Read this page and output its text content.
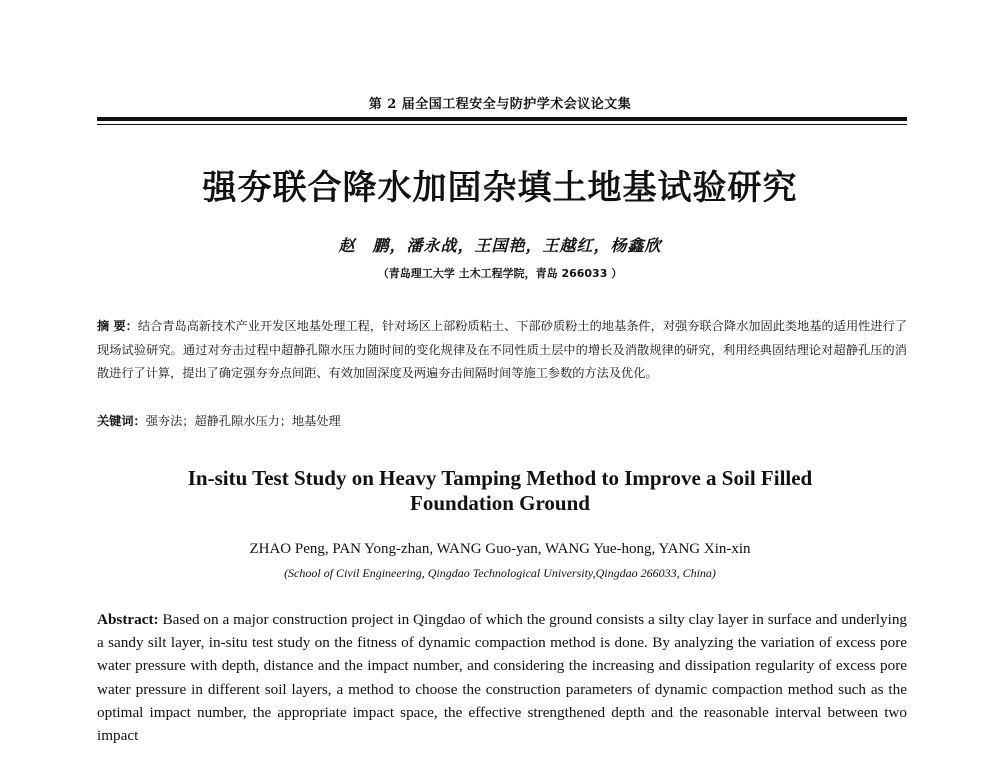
第 2 届全国工程安全与防护学术会议论文集
强夯联合降水加固杂填土地基试验研究
赵　鹏，潘永战，王国艳，王越红，杨鑫欣
（青岛理工大学 土木工程学院，青岛 266033 ）

摘 要：结合青岛高新技术产业开发区地基处理工程，针对场区上部粉质粘土、下部砂质粉土的地基条件，对强夯联合降水加固此类地基的适用性进行了现场试验研究。通过对夯击过程中超静孔隙水压力随时间的变化规律及在不同性质土层中的增长及消散规律的研究，利用经典固结理论对超静孔压的消散进行了计算，提出了确定强夯夯点间距、有效加固深度及两遍夯击间隔时间等施工参数的方法及优化。

关键词：强夯法；超静孔隙水压力；地基处理

In-situ Test Study on Heavy Tamping Method to Improve a Soil Filled
Foundation Ground
ZHAO Peng, PAN Yong-zhan, WANG Guo-yan, WANG Yue-hong, YANG Xin-xin
(School of Civil Engineering, Qingdao Technological University,Qingdao 266033, China)

Abstract: Based on a major construction project in Qingdao of which the ground consists a silty clay layer in surface and underlying a sandy silt layer, in-situ test study on the fitness of dynamic compaction method is done. By analyzing the variation of excess pore water pressure with depth, distance and the impact number, and considering the increasing and dissipation regularity of excess pore water pressure in different soil layers, a method to choose the construction parameters of dynamic compaction method such as the optimal impact number, the appropriate impact space, the effective strengthened depth and the reasonable interval between two impact
